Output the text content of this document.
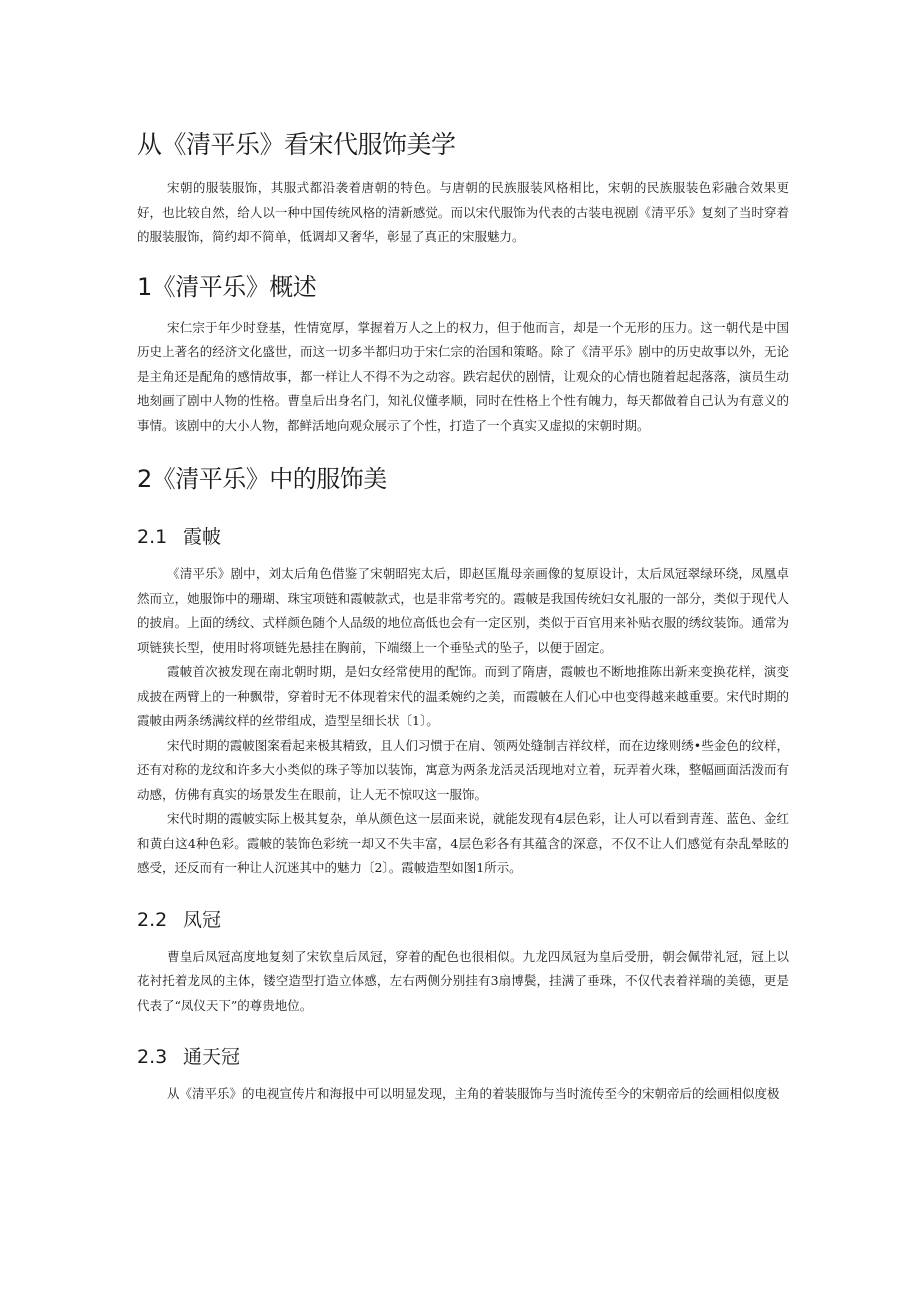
从《清平乐》看宋代服饰美学

宋朝的服装服饰，其服式都沿袭着唐朝的特色。与唐朝的民族服装风格相比，宋朝的民族服装色彩融合效果更好，也比较自然，给人以一种中国传统风格的清新感觉。而以宋代服饰为代表的古装电视剧《清平乐》复刻了当时穿着的服装服饰，简约却不简单，低调却又奢华，彰显了真正的宋服魅力。

1《清平乐》概述

宋仁宗于年少时登基，性情宽厚，掌握着万人之上的权力，但于他而言，却是一个无形的压力。这一朝代是中国历史上著名的经济文化盛世，而这一切多半都归功于宋仁宗的治国和策略。除了《清平乐》剧中的历史故事以外，无论是主角还是配角的感情故事，都一样让人不得不为之动容。跌宕起伏的剧情，让观众的心情也随着起起落落，演员生动地刻画了剧中人物的性格。曹皇后出身名门，知礼仪懂孝顺，同时在性格上个性有魄力，每天都做着自己认为有意义的事情。该剧中的大小人物，都鲜活地向观众展示了个性，打造了一个真实又虚拟的宋朝时期。

2《清平乐》中的服饰美
2.1 霞帔

《清平乐》剧中，刘太后角色借鉴了宋朝昭宪太后，即赵匡胤母亲画像的复原设计，太后凤冠翠绿环绕，凤凰卓然而立，她服饰中的珊瑚、珠宝项链和霞帔款式，也是非常考究的。霞帔是我国传统妇女礼服的一部分，类似于现代人的披肩。上面的绣纹、式样颜色随个人品级的地位高低也会有一定区别，类似于百官用来补贴衣服的绣纹装饰。通常为项链狭长型，使用时将项链先悬挂在胸前，下端缀上一个垂坠式的坠子，以便于固定。

霞帔首次被发现在南北朝时期，是妇女经常使用的配饰。而到了隋唐，霞帔也不断地推陈出新来变换花样，演变成披在两臂上的一种飘带，穿着时无不体现着宋代的温柔婉约之美，而霞帔在人们心中也变得越来越重要。宋代时期的霞帔由两条绣满纹样的丝带组成，造型呈细长状〔1〕。

宋代时期的霞帔图案看起来极其精致，且人们习惯于在肩、领两处缝制吉祥纹样，而在边缘则绣•些金色的纹样，还有对称的龙纹和许多大小类似的珠子等加以装饰，寓意为两条龙活灵活现地对立着，玩弄着火珠，整幅画面活泼而有动感，仿佛有真实的场景发生在眼前，让人无不惊叹这一服饰。

宋代时期的霞帔实际上极其复杂，单从颜色这一层面来说，就能发现有4层色彩，让人可以看到青莲、蓝色、金红和黄白这4种色彩。霞帔的装饰色彩统一却又不失丰富，4层色彩各有其蕴含的深意，不仅不让人们感觉有杂乱晕眩的感受，还反而有一种让人沉迷其中的魅力〔2〕。霞帔造型如图1所示。

2.2 凤冠

曹皇后凤冠高度地复刻了宋钦皇后凤冠，穿着的配色也很相似。九龙四凤冠为皇后受册，朝会佩带礼冠，冠上以花衬托着龙凤的主体，镂空造型打造立体感，左右两侧分别挂有3扇博鬓，挂满了垂珠，不仅代表着祥瑞的美德，更是代表了“凤仪天下”的尊贵地位。

2.3 通天冠

从《清平乐》的电视宣传片和海报中可以明显发现，主角的着装服饰与当时流传至今的宋朝帝后的绘画相似度极
